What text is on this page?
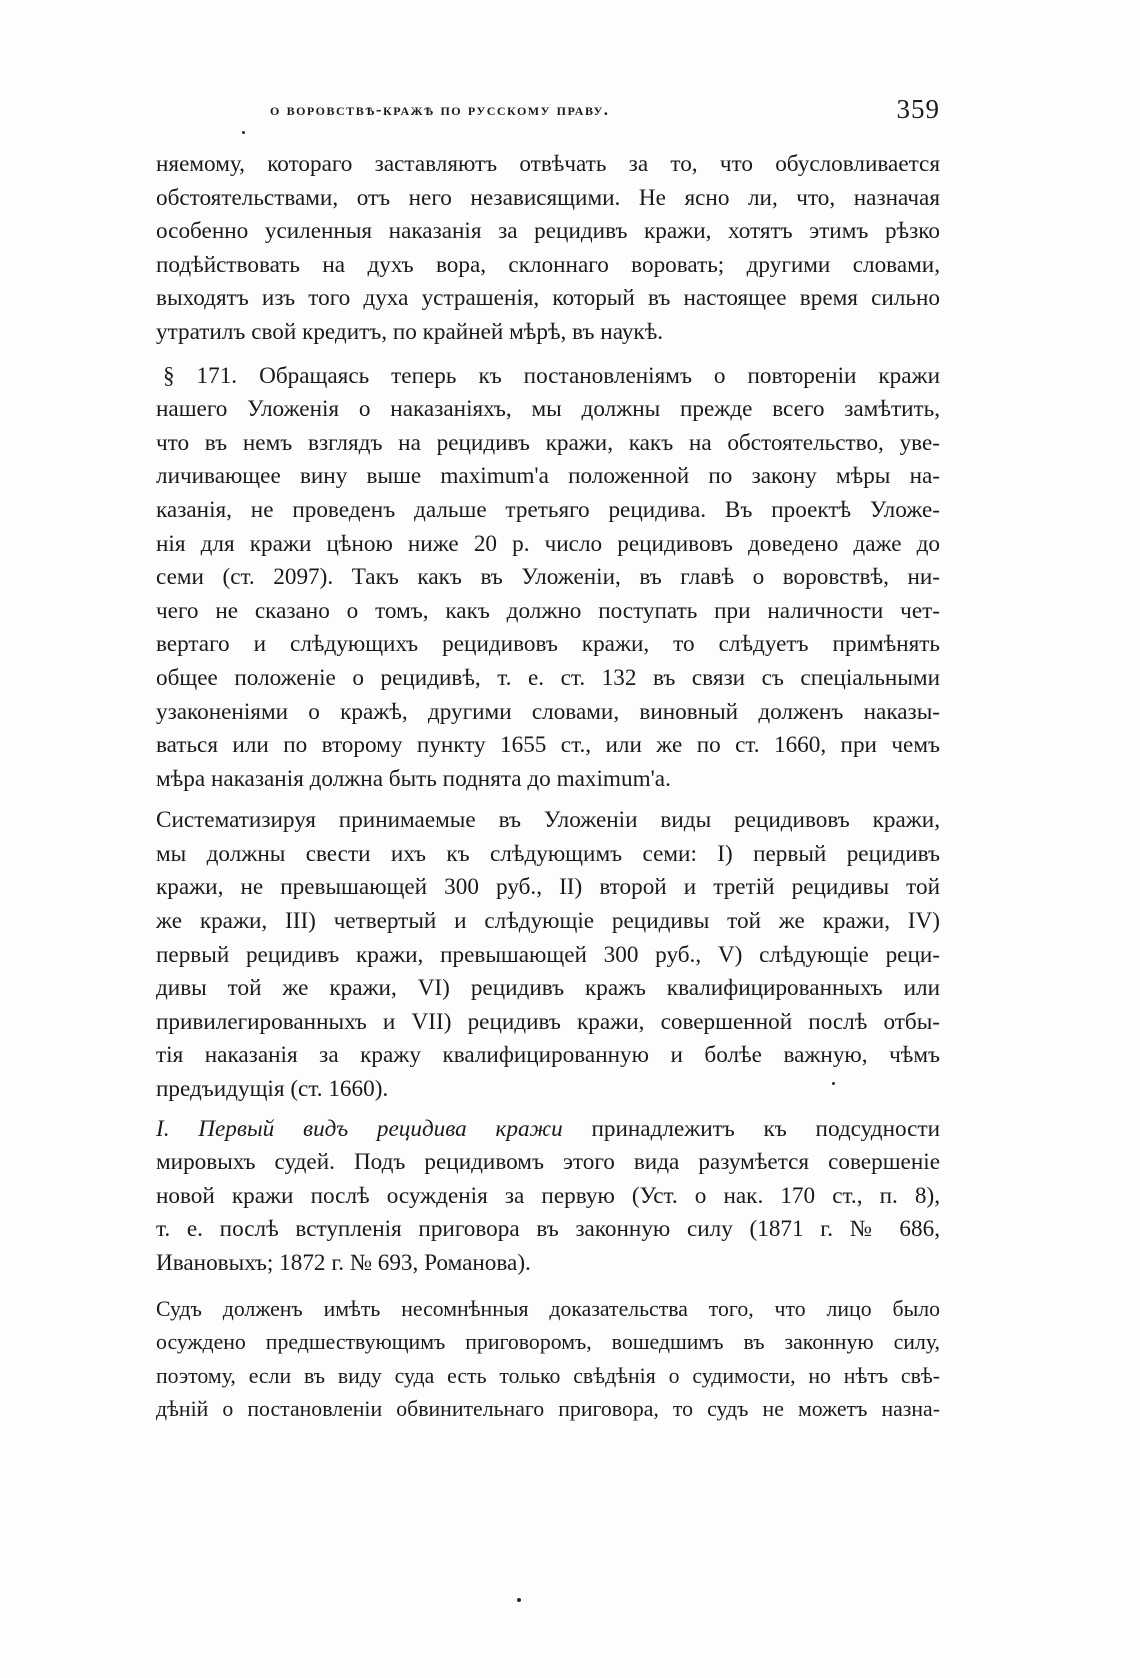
о воровствѣ-кражѣ по русскому праву.	359

няемому, котораго заставляютъ отвѣчать за то, что обусловливается
обстоятельствами, отъ него независящими. Не ясно ли, что, назначая
особенно усиленныя наказанія за рецидивъ кражи, хотятъ этимъ рѣзко
подѣйствовать на духъ вора, склоннаго воровать; другими словами,
выходятъ изъ того духа устрашенія, который въ настоящее время сильно
утратилъ свой кредитъ, по крайней мѣрѣ, въ наукѣ.

§ 171. Обращаясь теперь къ постановленіямъ о повтореніи кражи
нашего Уложенія о наказаніяхъ, мы должны прежде всего замѣтить,
что въ немъ взглядъ на рецидивъ кражи, какъ на обстоятельство, уве-
личивающее вину выше maximum'а положенной по закону мѣры на-
казанія, не проведенъ дальше третьяго рецидива. Въ проектѣ Уложе-
нія для кражи цѣною ниже 20 р. число рецидивовъ доведено даже до
семи (ст. 2097). Такъ какъ въ Уложеніи, въ главѣ о воровствѣ, ни-
чего не сказано о томъ, какъ должно поступать при наличности чет-
вертаго и слѣдующихъ рецидивовъ кражи, то слѣдуетъ примѣнять
общее положеніе о рецидивѣ, т. е. ст. 132 въ связи съ спеціальными
узаконеніями о кражѣ, другими словами, виновный долженъ наказы-
ваться или по второму пункту 1655 ст., или же по ст. 1660, при чемъ
мѣра наказанія должна быть поднята до maximum'а.

Систематизируя принимаемые въ Уложеніи виды рецидивовъ кражи,
мы должны свести ихъ къ слѣдующимъ семи: I) первый рецидивъ
кражи, не превышающей 300 руб., II) второй и третій рецидивы той
же кражи, III) четвертый и слѣдующіе рецидивы той же кражи, IV)
первый рецидивъ кражи, превышающей 300 руб., V) слѣдующіе реци-
дивы той же кражи, VI) рецидивъ кражъ квалифицированныхъ или
привилегированныхъ и VII) рецидивъ кражи, совершенной послѣ отбы-
тія наказанія за кражу квалифицированную и болѣе важную, чѣмъ
предъидущія (ст. 1660).

I. Первый видъ рецидива кражи принадлежитъ къ подсудности
мировыхъ судей. Подъ рецидивомъ этого вида разумѣется совершеніе
новой кражи послѣ осужденія за первую (Уст. о нак. 170 ст., п. 8),
т. е. послѣ вступленія приговора въ законную силу (1871 г. № 686,
Ивановыхъ; 1872 г. № 693, Романова).

Судъ долженъ имѣть несомнѣнныя доказательства того, что лицо было
осуждено предшествующимъ приговоромъ, вошедшимъ въ законную силу,
поэтому, если въ виду суда есть только свѣдѣнія о судимости, но нѣтъ свѣ-
дѣній о постановленіи обвинительнаго приговора, то судъ не можетъ назна-
